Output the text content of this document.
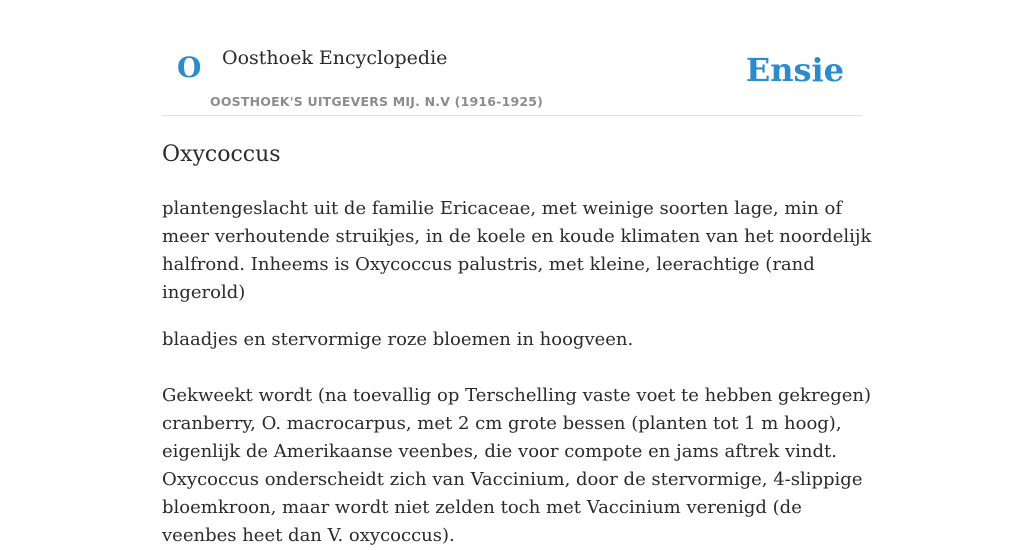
O Oosthoek Encyclopedie
OOSTHOEK'S UITGEVERS MIJ. N.V (1916-1925)
Ensie
Oxycoccus

plantengeslacht uit de familie Ericaceae, met weinige soorten lage, min of meer verhoutende struikjes, in de koele en koude klimaten van het noordelijk halfrond. Inheems is Oxycoccus palustris, met kleine, leerachtige (rand ingerold)

blaadjes en stervormige roze bloemen in hoogveen.

Gekweekt wordt (na toevallig op Terschelling vaste voet te hebben gekregen) cranberry, O. macrocarpus, met 2 cm grote bessen (planten tot 1 m hoog), eigenlijk de Amerikaanse veenbes, die voor compote en jams aftrek vindt. Oxycoccus onderscheidt zich van Vaccinium, door de stervormige, 4-slippige bloemkroon, maar wordt niet zelden toch met Vaccinium verenigd (de veenbes heet dan V. oxycoccus).
